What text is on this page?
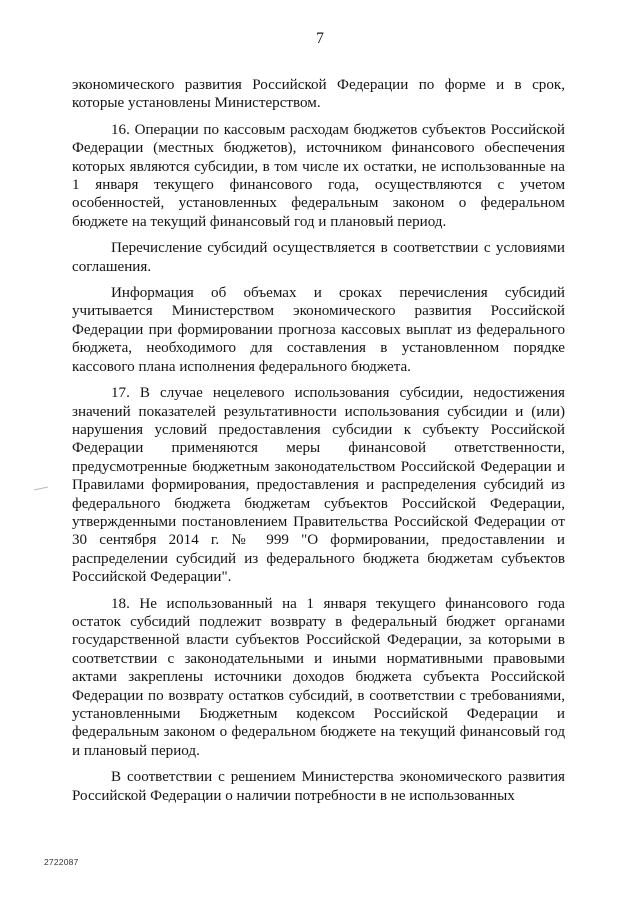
7

экономического развития Российской Федерации по форме и в срок, которые установлены Министерством.

16. Операции по кассовым расходам бюджетов субъектов Российской Федерации (местных бюджетов), источником финансового обеспечения которых являются субсидии, в том числе их остатки, не использованные на 1 января текущего финансового года, осуществляются с учетом особенностей, установленных федеральным законом о федеральном бюджете на текущий финансовый год и плановый период.

Перечисление субсидий осуществляется в соответствии с условиями соглашения.

Информация об объемах и сроках перечисления субсидий учитывается Министерством экономического развития Российской Федерации при формировании прогноза кассовых выплат из федерального бюджета, необходимого для составления в установленном порядке кассового плана исполнения федерального бюджета.

17. В случае нецелевого использования субсидии, недостижения значений показателей результативности использования субсидии и (или) нарушения условий предоставления субсидии к субъекту Российской Федерации применяются меры финансовой ответственности, предусмотренные бюджетным законодательством Российской Федерации и Правилами формирования, предоставления и распределения субсидий из федерального бюджета бюджетам субъектов Российской Федерации, утвержденными постановлением Правительства Российской Федерации от 30 сентября 2014 г. № 999 "О формировании, предоставлении и распределении субсидий из федерального бюджета бюджетам субъектов Российской Федерации".

18. Не использованный на 1 января текущего финансового года остаток субсидий подлежит возврату в федеральный бюджет органами государственной власти субъектов Российской Федерации, за которыми в соответствии с законодательными и иными нормативными правовыми актами закреплены источники доходов бюджета субъекта Российской Федерации по возврату остатков субсидий, в соответствии с требованиями, установленными Бюджетным кодексом Российской Федерации и федеральным законом о федеральном бюджете на текущий финансовый год и плановый период.

В соответствии с решением Министерства экономического развития Российской Федерации о наличии потребности в не использованных

2722087
